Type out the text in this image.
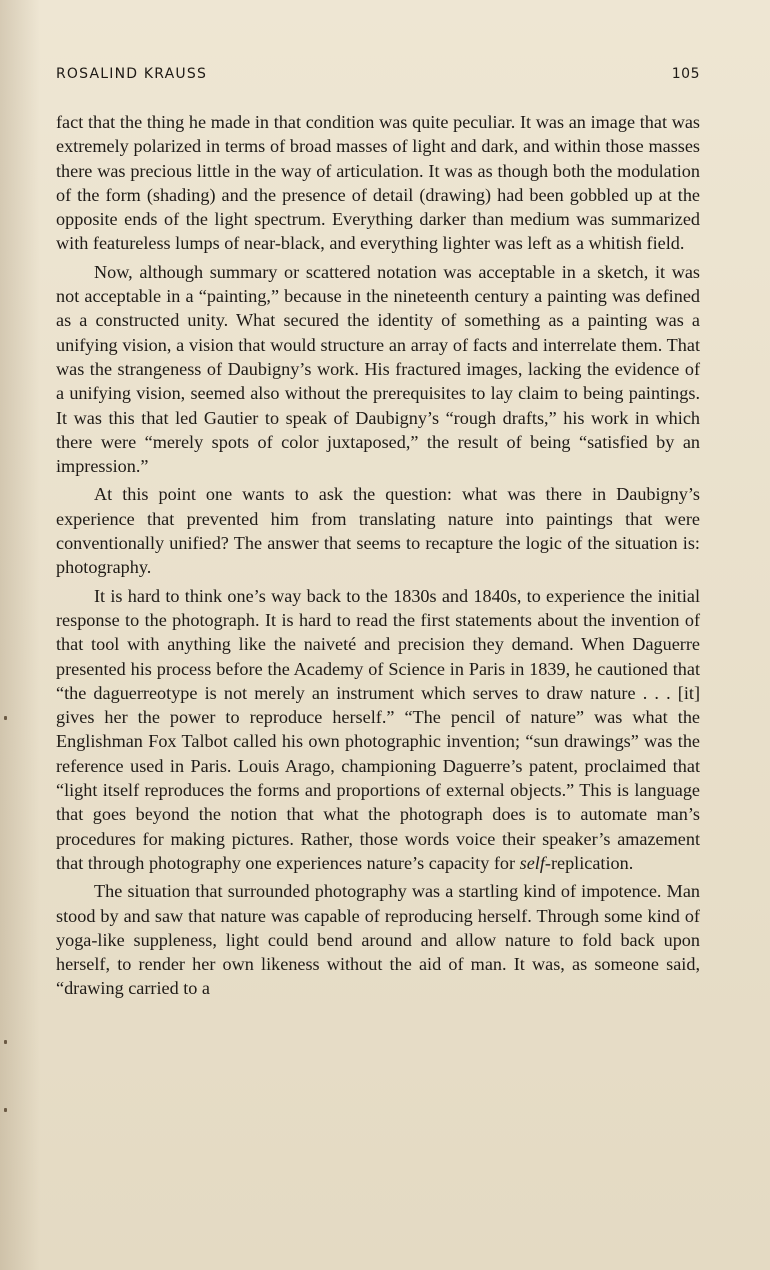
ROSALIND KRAUSS	105

fact that the thing he made in that condition was quite peculiar. It was an image that was extremely polarized in terms of broad masses of light and dark, and within those masses there was precious little in the way of articulation. It was as though both the modulation of the form (shading) and the presence of detail (drawing) had been gobbled up at the opposite ends of the light spectrum. Everything darker than medium was summarized with featureless lumps of near-black, and everything lighter was left as a whitish field.

Now, although summary or scattered notation was acceptable in a sketch, it was not acceptable in a “painting,” because in the nineteenth century a painting was defined as a constructed unity. What secured the identity of something as a painting was a unifying vision, a vision that would structure an array of facts and interrelate them. That was the strangeness of Daubigny’s work. His fractured images, lacking the evidence of a unifying vision, seemed also without the prerequisites to lay claim to being paintings. It was this that led Gautier to speak of Daubigny’s “rough drafts,” his work in which there were “merely spots of color juxtaposed,” the result of being “satisfied by an impression.”

At this point one wants to ask the question: what was there in Daubigny’s experience that prevented him from translating nature into paintings that were conventionally unified? The answer that seems to recapture the logic of the situation is: photography.

It is hard to think one’s way back to the 1830s and 1840s, to experience the initial response to the photograph. It is hard to read the first statements about the invention of that tool with anything like the naiveté and precision they demand. When Daguerre presented his process before the Academy of Science in Paris in 1839, he cautioned that “the daguerreotype is not merely an instrument which serves to draw nature . . . [it] gives her the power to reproduce herself.” “The pencil of nature” was what the Englishman Fox Talbot called his own photographic invention; “sun drawings” was the reference used in Paris. Louis Arago, championing Daguerre’s patent, proclaimed that “light itself reproduces the forms and proportions of external objects.” This is language that goes beyond the notion that what the photograph does is to automate man’s procedures for making pictures. Rather, those words voice their speaker’s amazement that through photography one experiences nature’s capacity for self-replication.

The situation that surrounded photography was a startling kind of impotence. Man stood by and saw that nature was capable of reproducing herself. Through some kind of yoga-like suppleness, light could bend around and allow nature to fold back upon herself, to render her own likeness without the aid of man. It was, as someone said, “drawing carried to a
